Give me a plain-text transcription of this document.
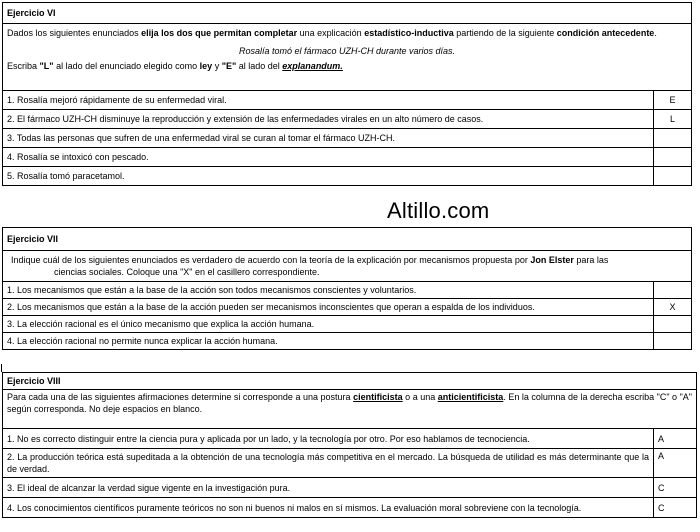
Ejercicio VI	

Dados los siguientes enunciados elija los dos que permitan completar una explicación estadístico-inductiva partiendo de la siguiente condición antecedente.
Rosalía tomó el fármaco UZH-CH durante varios días.
Escriba "L" al lado del enunciado elegido como ley y "E" al lado del explanandum.	

1. Rosalía mejoró rápidamente de su enfermedad viral.	E
2. El fármaco UZH-CH disminuye la reproducción y extensión de las enfermedades virales en un alto número de casos.	L
3. Todas las personas que sufren de una enfermedad viral se curan al tomar el fármaco UZH-CH.	
4. Rosalía se intoxicó con pescado.	
5. Rosalía tomó paracetamol.	
Altillo.com
Ejercicio VII	

Indique cuál de los siguientes enunciados es verdadero de acuerdo con la teoría de la explicación por mecanismos propuesta por Jon Elster para las
ciencias sociales. Coloque una "X" en el casillero correspondiente.	

1. Los mecanismos que están a la base de la acción son todos mecanismos conscientes y voluntarios.	
2. Los mecanismos que están a la base de la acción pueden ser mecanismos inconscientes que operan a espalda de los individuos.	X
3. La elección racional es el único mecanismo que explica la acción humana.	
4. La elección racional no permite nunca explicar la acción humana.	
Ejercicio VIII	

Para cada una de las siguientes afirmaciones determine si corresponde a una postura cientificista o a una anticientificista. En la columna de la derecha escriba "C" o "A" según corresponda. No deje espacios en blanco.	

1. No es correcto distinguir entre la ciencia pura y aplicada por un lado, y la tecnología por otro. Por eso hablamos de tecnociencia.	A
2. La producción teórica está supeditada a la obtención de una tecnología más competitiva en el mercado. La búsqueda de utilidad es más determinante que la de verdad.	A
3. El ideal de alcanzar la verdad sigue vigente en la investigación pura.	C
4. Los conocimientos científicos puramente teóricos no son ni buenos ni malos en sí mismos. La evaluación moral sobreviene con la tecnología.	C
